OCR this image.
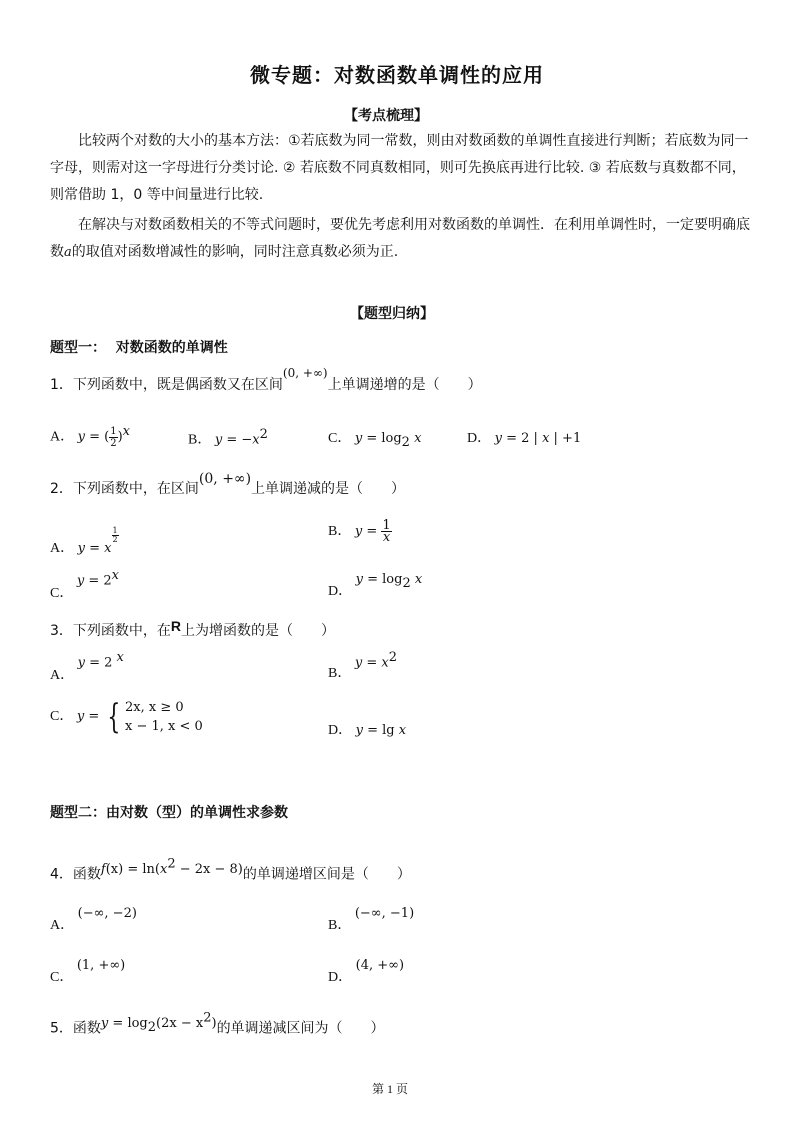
微专题：对数函数单调性的应用
【考点梳理】
比较两个对数的大小的基本方法：①若底数为同一常数，则由对数函数的单调性直接进行判断；若底数为同一字母，则需对这一字母进行分类讨论. ② 若底数不同真数相同，则可先换底再进行比较. ③ 若底数与真数都不同，则常借助 1，0 等中间量进行比较.
在解决与对数函数相关的不等式问题时，要优先考虑利用对数函数的单调性．在利用单调性时，一定要明确底数a的取值对函数增减性的影响，同时注意真数必须为正.
【题型归纳】
题型一： 对数函数的单调性
1．下列函数中，既是偶函数又在区间(0, +∞)上单调递增的是（　　）
A． y = ( $\frac{1}{2} )^x$
B． $y = -x^2$	C． $y = \log_2 x$	D． y = 2 | x | +1
2．下列函数中，在区间(0, +∞)上单调递减的是（　　）
A． y = x
$\frac{1}{2}$	B． $y = \frac{1}{x}$
C． $y = 2^x$
D． $y = \log_2 x$
3．下列函数中，在R上为增函数的是（　　）
A． y = 2 $^x$
B． $y = x^2$
C． y = { 2x, x ≥ 0
x − 1, x < 0	D． y = lg x
题型二：由对数（型）的单调性求参数
4．函数$f(x) = \ln(x^2 - 2x - 8)$的单调递增区间是（　　）
A． (−∞, −2)
B． (−∞, −1)
C． (1, +∞)
D． (4, +∞)
5．函数$y = \log_2(2x - x^2)$的单调递减区间为（　　）
第 1 页
